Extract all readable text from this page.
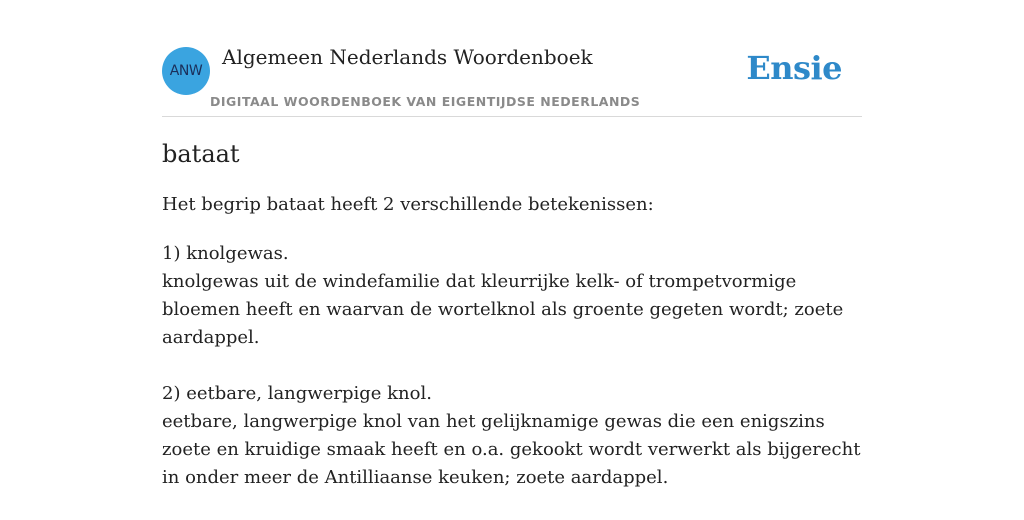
ANW
Algemeen Nederlands Woordenboek
DIGITAAL WOORDENBOEK VAN EIGENTIJDSE NEDERLANDS
Ensie
bataat
Het begrip bataat heeft 2 verschillende betekenissen:
1) knolgewas.
knolgewas uit de windefamilie dat kleurrijke kelk- of trompetvormige bloemen heeft en waarvan de wortelknol als groente gegeten wordt; zoete aardappel.
2) eetbare, langwerpige knol.
eetbare, langwerpige knol van het gelijknamige gewas die een enigszins zoete en kruidige smaak heeft en o.a. gekookt wordt verwerkt als bijgerecht in onder meer de Antilliaanse keuken; zoete aardappel.
